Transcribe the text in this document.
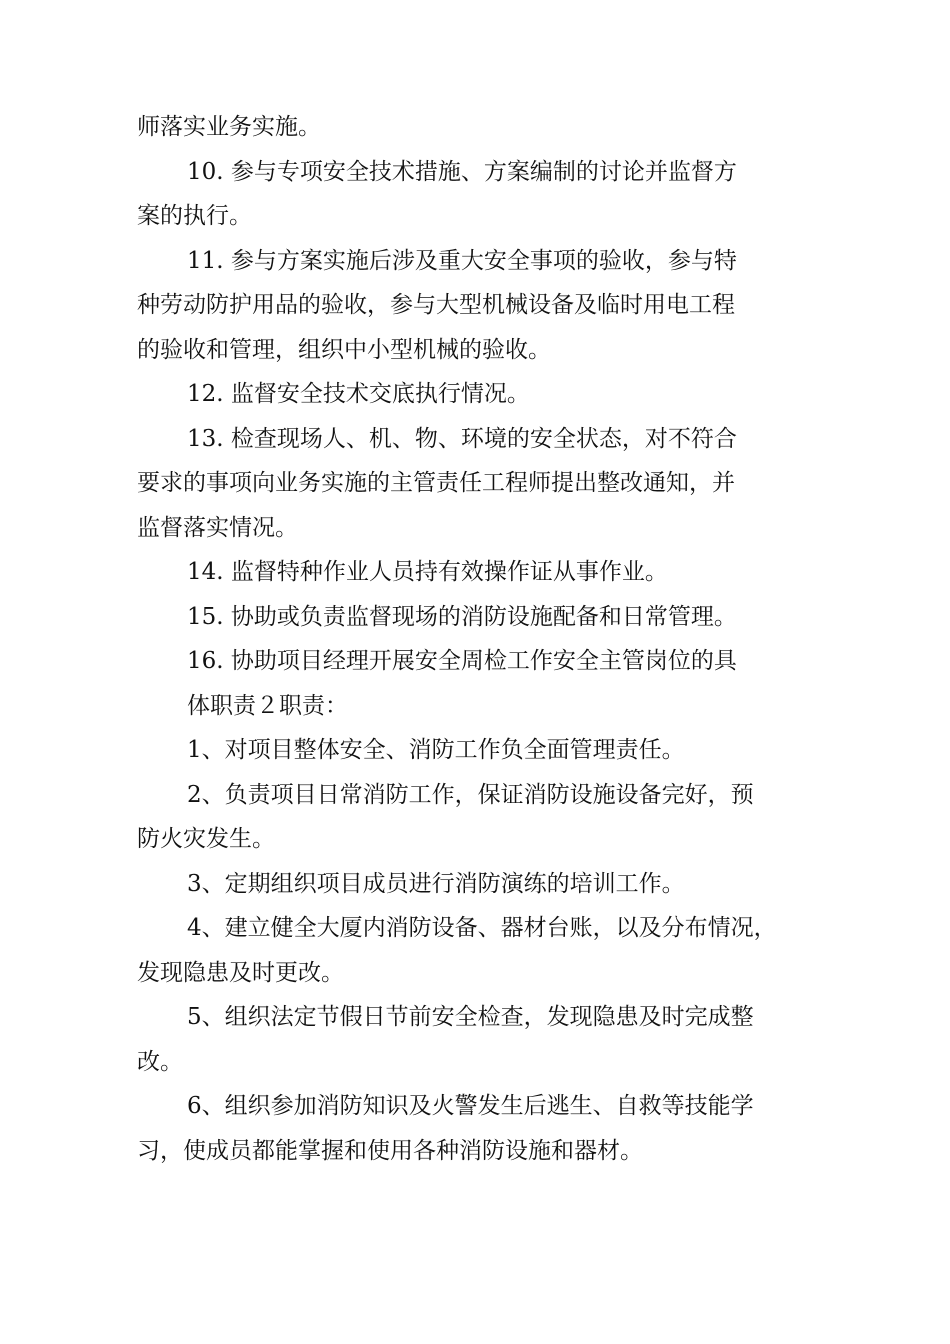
师落实业务实施。
10. 参与专项安全技术措施、方案编制的讨论并监督方
案的执行。
11. 参与方案实施后涉及重大安全事项的验收，参与特
种劳动防护用品的验收，参与大型机械设备及临时用电工程
的验收和管理，组织中小型机械的验收。
12. 监督安全技术交底执行情况。
13. 检查现场人、机、物、环境的安全状态，对不符合
要求的事项向业务实施的主管责任工程师提出整改通知，并
监督落实情况。
14. 监督特种作业人员持有效操作证从事作业。
15. 协助或负责监督现场的消防设施配备和日常管理。
16. 协助项目经理开展安全周检工作安全主管岗位的具
体职责２职责：
1、对项目整体安全、消防工作负全面管理责任。
2、负责项目日常消防工作，保证消防设施设备完好，预
防火灾发生。
3、定期组织项目成员进行消防演练的培训工作。
4、建立健全大厦内消防设备、器材台账，以及分布情况，
发现隐患及时更改。
5、组织法定节假日节前安全检查，发现隐患及时完成整
改。
6、组织参加消防知识及火警发生后逃生、自救等技能学
习，使成员都能掌握和使用各种消防设施和器材。
